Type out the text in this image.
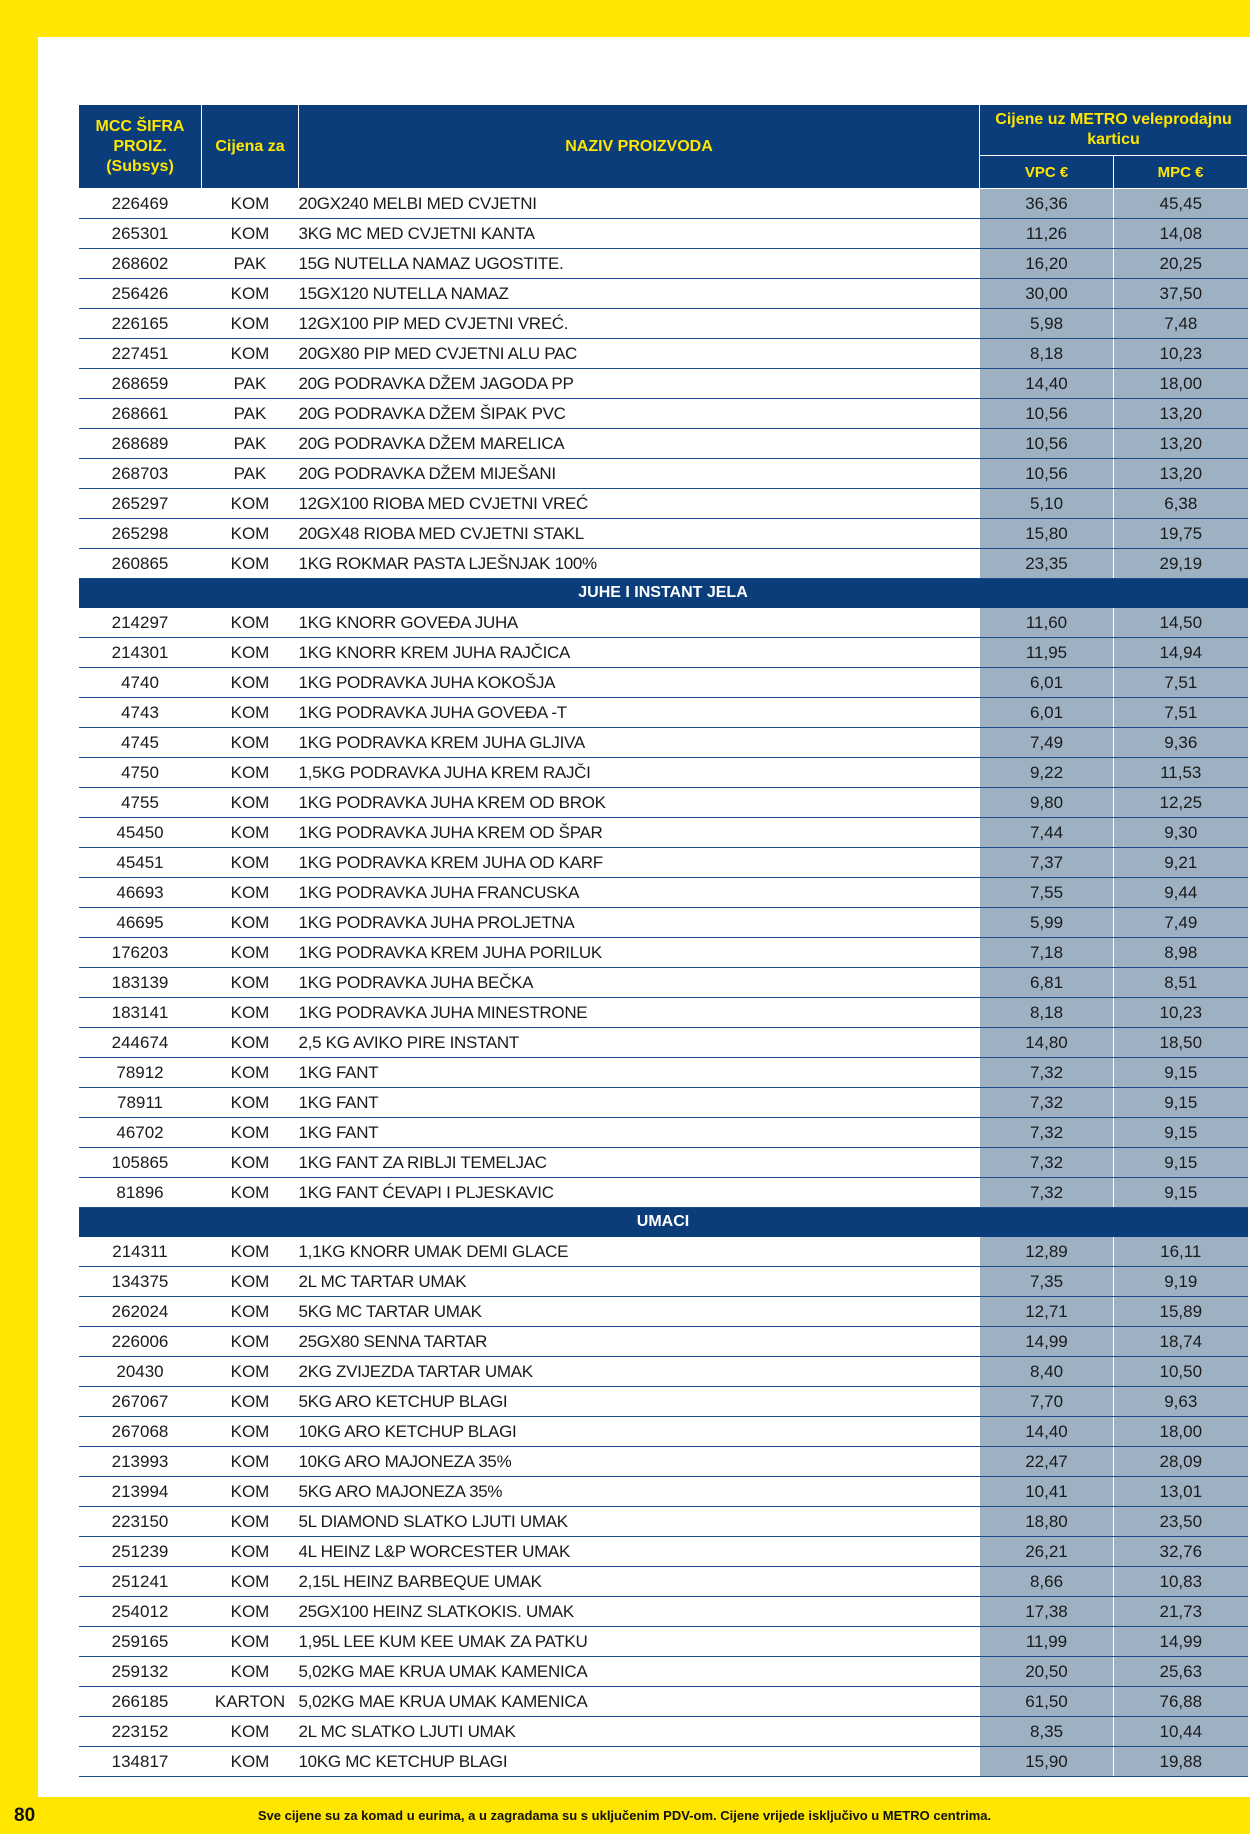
MCC ŠIFRA PROIZ. (Subsys)	Cijena za	NAZIV PROIZVODA	Cijene uz METRO veleprodajnu karticu	
			VPC €	MPC €
226469	KOM	20GX240 MELBI MED CVJETNI	36,36	45,45
265301	KOM	3KG MC MED CVJETNI KANTA	11,26	14,08
268602	PAK	15G NUTELLA NAMAZ UGOSTITE.	16,20	20,25
256426	KOM	15GX120 NUTELLA NAMAZ	30,00	37,50
226165	KOM	12GX100 PIP MED CVJETNI VREĆ.	5,98	7,48
227451	KOM	20GX80 PIP MED CVJETNI ALU PAC	8,18	10,23
268659	PAK	20G PODRAVKA DŽEM JAGODA PP	14,40	18,00
268661	PAK	20G PODRAVKA DŽEM ŠIPAK PVC	10,56	13,20
268689	PAK	20G PODRAVKA DŽEM MARELICA	10,56	13,20
268703	PAK	20G PODRAVKA DŽEM MIJEŠANI	10,56	13,20
265297	KOM	12GX100 RIOBA MED CVJETNI VREĆ	5,10	6,38
265298	KOM	20GX48 RIOBA MED CVJETNI STAKL	15,80	19,75
260865	KOM	1KG ROKMAR PASTA LJEŠNJAK 100%	23,35	29,19
JUHE I INSTANT JELA				
214297	KOM	1KG KNORR GOVEĐA JUHA	11,60	14,50
214301	KOM	1KG KNORR KREM JUHA RAJČICA	11,95	14,94
4740	KOM	1KG PODRAVKA JUHA KOKOŠJA	6,01	7,51
4743	KOM	1KG PODRAVKA JUHA GOVEĐA -T	6,01	7,51
4745	KOM	1KG PODRAVKA KREM JUHA GLJIVA	7,49	9,36
4750	KOM	1,5KG PODRAVKA JUHA KREM RAJČI	9,22	11,53
4755	KOM	1KG PODRAVKA JUHA KREM OD BROK	9,80	12,25
45450	KOM	1KG PODRAVKA JUHA KREM OD ŠPAR	7,44	9,30
45451	KOM	1KG PODRAVKA KREM JUHA OD KARF	7,37	9,21
46693	KOM	1KG PODRAVKA JUHA FRANCUSKA	7,55	9,44
46695	KOM	1KG PODRAVKA JUHA PROLJETNA	5,99	7,49
176203	KOM	1KG PODRAVKA KREM JUHA PORILUK	7,18	8,98
183139	KOM	1KG PODRAVKA JUHA BEČKA	6,81	8,51
183141	KOM	1KG PODRAVKA JUHA MINESTRONE	8,18	10,23
244674	KOM	2,5 KG AVIKO PIRE INSTANT	14,80	18,50
78912	KOM	1KG FANT	7,32	9,15
78911	KOM	1KG FANT	7,32	9,15
46702	KOM	1KG FANT	7,32	9,15
105865	KOM	1KG FANT ZA RIBLJI TEMELJAC	7,32	9,15
81896	KOM	1KG FANT ĆEVAPI I PLJESKAVIC	7,32	9,15
UMACI				
214311	KOM	1,1KG KNORR UMAK DEMI GLACE	12,89	16,11
134375	KOM	2L MC TARTAR UMAK	7,35	9,19
262024	KOM	5KG MC TARTAR UMAK	12,71	15,89
226006	KOM	25GX80 SENNA TARTAR	14,99	18,74
20430	KOM	2KG ZVIJEZDA TARTAR UMAK	8,40	10,50
267067	KOM	5KG ARO KETCHUP BLAGI	7,70	9,63
267068	KOM	10KG ARO KETCHUP BLAGI	14,40	18,00
213993	KOM	10KG ARO MAJONEZA 35%	22,47	28,09
213994	KOM	5KG ARO MAJONEZA 35%	10,41	13,01
223150	KOM	5L DIAMOND SLATKO LJUTI UMAK	18,80	23,50
251239	KOM	4L HEINZ L&P WORCESTER UMAK	26,21	32,76
251241	KOM	2,15L HEINZ BARBEQUE UMAK	8,66	10,83
254012	KOM	25GX100 HEINZ SLATKOKIS. UMAK	17,38	21,73
259165	KOM	1,95L LEE KUM KEE UMAK ZA PATKU	11,99	14,99
259132	KOM	5,02KG MAE KRUA UMAK KAMENICA	20,50	25,63
266185	KARTON	5,02KG MAE KRUA UMAK KAMENICA	61,50	76,88
223152	KOM	2L MC SLATKO LJUTI UMAK	8,35	10,44
134817	KOM	10KG MC KETCHUP BLAGI	15,90	19,88
80	Sve cijene su za komad u eurima, a u zagradama su s uključenim PDV-om. Cijene vrijede isključivo u METRO centrima.
